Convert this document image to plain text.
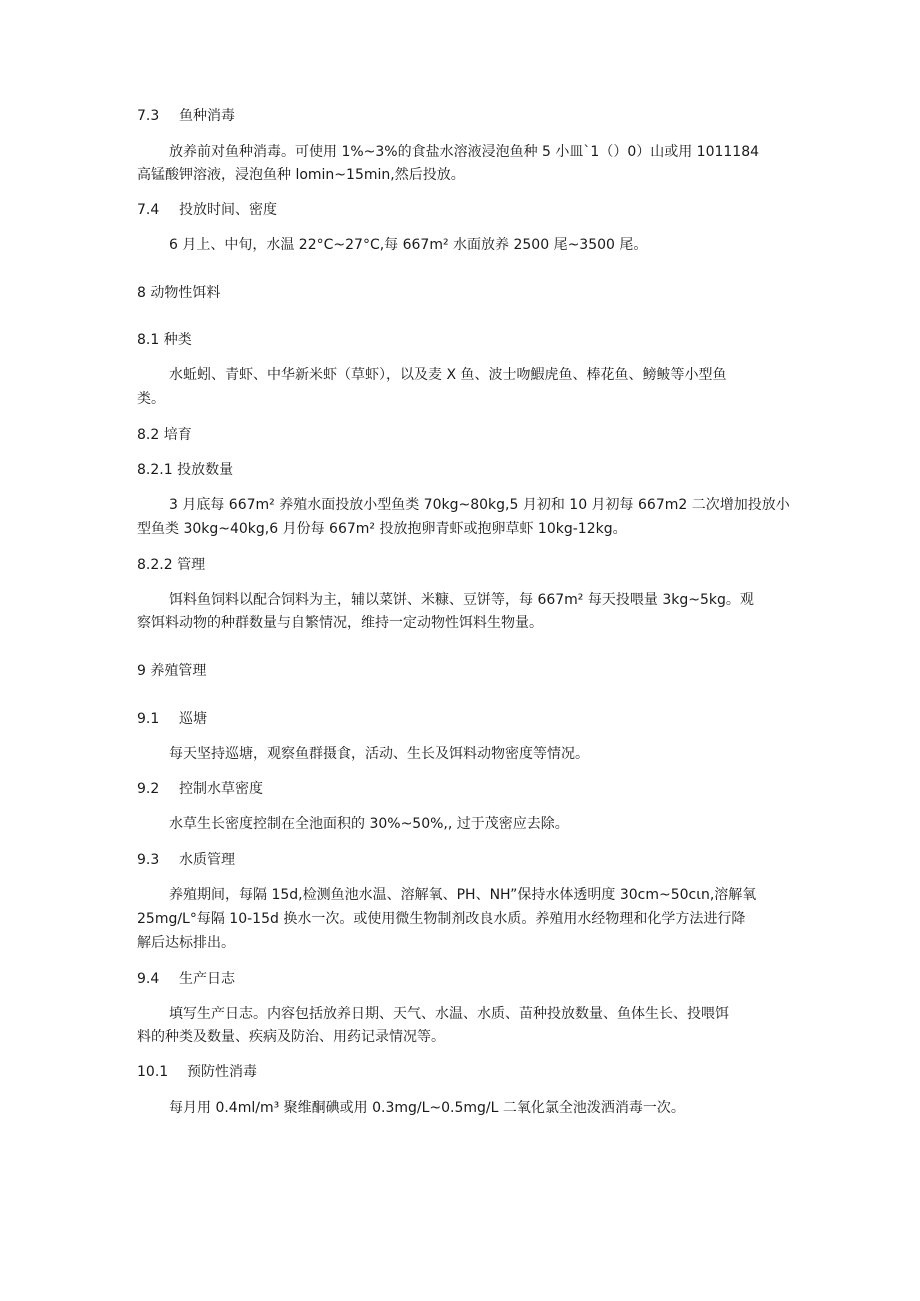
7.3 鱼种消毒
放养前对鱼种消毒。可使用 1%~3%的食盐水溶液浸泡鱼种 5 小皿`1（）0）山或用 1011184
高锰酸钾溶液，浸泡鱼种 lomin~15min,然后投放。
7.4 投放时间、密度
6 月上、中旬，水温 22°C~27°C,每 667m² 水面放养 2500 尾~3500 尾。
8 动物性饵料
8.1 种类
水蚯蚓、青虾、中华新米虾（草虾），以及麦 X 鱼、波士吻鰕虎鱼、棒花鱼、鳑鲏等小型鱼
类。
8.2 培育
8.2.1 投放数量
3 月底每 667m² 养殖水面投放小型鱼类 70kg~80kg,5 月初和 10 月初每 667m2 二次增加投放小
型鱼类 30kg~40kg,6 月份每 667m² 投放抱卵青虾或抱卵草虾 10kg-12kg。
8.2.2 管理
饵料鱼饲料以配合饲料为主，辅以菜饼、米糠、豆饼等，每 667m² 每天投喂量 3kg~5kg。观
察饵料动物的种群数量与自繁情况，维持一定动物性饵料生物量。
9 养殖管理
9.1 巡塘
每天坚持巡塘，观察鱼群摄食，活动、生长及饵料动物密度等情况。
9.2 控制水草密度
水草生长密度控制在全池面积的 30%~50%,, 过于茂密应去除。
9.3 水质管理
养殖期间，每隔 15d,检测鱼池水温、溶解氧、PH、NH”保持水体透明度 30cm~50cιn,溶解氧
25mg∕L°每隔 10-15d 换水一次。或使用微生物制剂改良水质。养殖用水经物理和化学方法进行降
解后达标排出。
9.4 生产日志
填写生产日志。内容包括放养日期、天气、水温、水质、苗种投放数量、鱼体生长、投喂饵
料的种类及数量、疾病及防治、用药记录情况等。
10.1 预防性消毒
每月用 0.4ml∕m³ 聚维酮碘或用 0.3mg∕L~0.5mg∕L 二氧化氯全池泼洒消毒一次。
